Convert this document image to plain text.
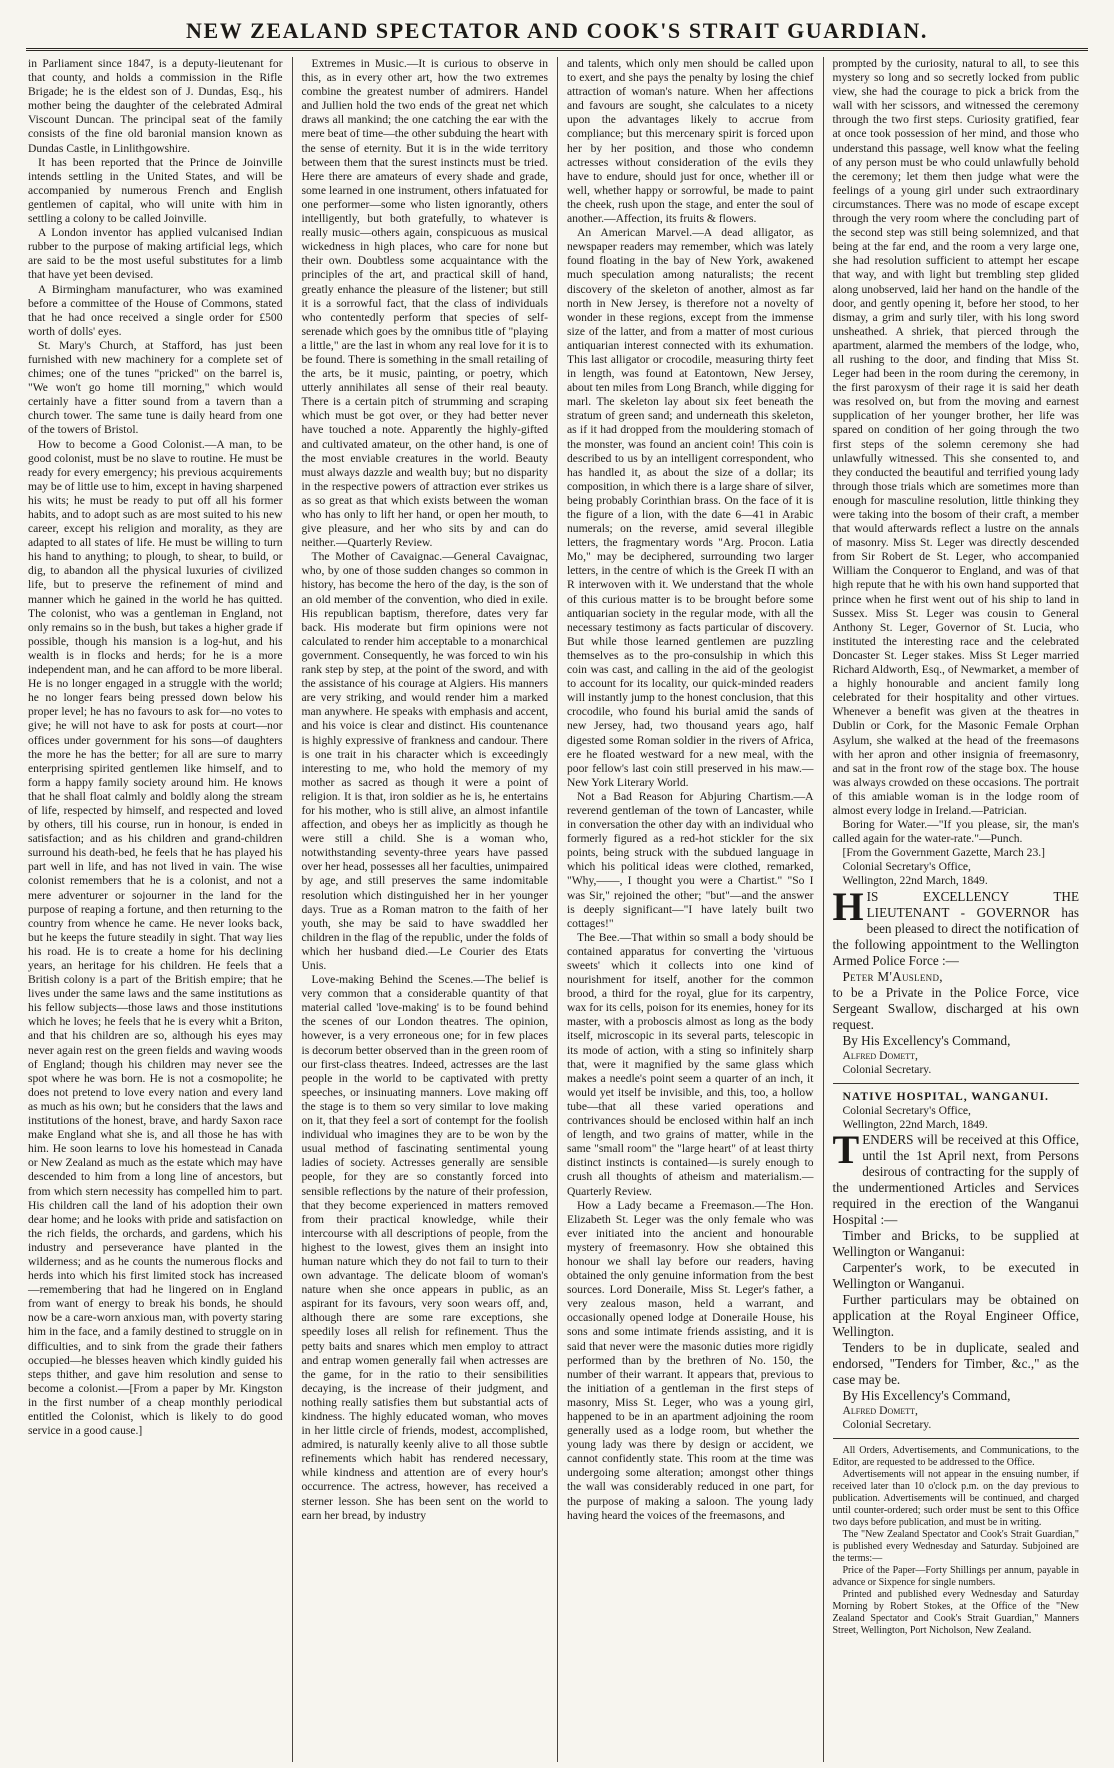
NEW ZEALAND SPECTATOR AND COOK'S STRAIT GUARDIAN.

in Parliament since 1847, is a deputy-lieutenant for that county, and holds a commission in the Rifle Brigade; he is the eldest son of J. Dundas, Esq., his mother being the daughter of the celebrated Admiral Viscount Duncan. The principal seat of the family consists of the fine old baronial mansion known as Dundas Castle, in Linlithgowshire.

It has been reported that the Prince de Joinville intends settling in the United States, and will be accompanied by numerous French and English gentlemen of capital, who will unite with him in settling a colony to be called Joinville.

A London inventor has applied vulcanised Indian rubber to the purpose of making artificial legs, which are said to be the most useful substitutes for a limb that have yet been devised.

A Birmingham manufacturer, who was examined before a committee of the House of Commons, stated that he had once received a single order for £500 worth of dolls' eyes.

St. Mary's Church, at Stafford, has just been furnished with new machinery for a complete set of chimes; one of the tunes "pricked" on the barrel is, "We won't go home till morning," which would certainly have a fitter sound from a tavern than a church tower. The same tune is daily heard from one of the towers of Bristol.

How to become a Good Colonist.—A man, to be good colonist, must be no slave to routine. He must be ready for every emergency; his previous acquirements may be of little use to him, except in having sharpened his wits; he must be ready to put off all his former habits, and to adopt such as are most suited to his new career, except his religion and morality, as they are adapted to all states of life. He must be willing to turn his hand to anything; to plough, to shear, to build, or dig, to abandon all the physical luxuries of civilized life, but to preserve the refinement of mind and manner which he gained in the world he has quitted. The colonist, who was a gentleman in England, not only remains so in the bush, but takes a higher grade if possible, though his mansion is a log-hut, and his wealth is in flocks and herds; for he is a more independent man, and he can afford to be more liberal. He is no longer engaged in a struggle with the world; he no longer fears being pressed down below his proper level; he has no favours to ask for—no votes to give; he will not have to ask for posts at court—nor offices under government for his sons—of daughters the more he has the better; for all are sure to marry enterprising spirited gentlemen like himself, and to form a happy family society around him. He knows that he shall float calmly and boldly along the stream of life, respected by himself, and respected and loved by others, till his course, run in honour, is ended in satisfaction; and as his children and grand-children surround his death-bed, he feels that he has played his part well in life, and has not lived in vain. The wise colonist remembers that he is a colonist, and not a mere adventurer or sojourner in the land for the purpose of reaping a fortune, and then returning to the country from whence he came. He never looks back, but he keeps the future steadily in sight. That way lies his road. He is to create a home for his declining years, an heritage for his children. He feels that a British colony is a part of the British empire; that he lives under the same laws and the same institutions as his fellow subjects—those laws and those institutions which he loves; he feels that he is every whit a Briton, and that his children are so, although his eyes may never again rest on the green fields and waving woods of England; though his children may never see the spot where he was born. He is not a cosmopolite; he does not pretend to love every nation and every land as much as his own; but he considers that the laws and institutions of the honest, brave, and hardy Saxon race make England what she is, and all those he has with him. He soon learns to love his homestead in Canada or New Zealand as much as the estate which may have descended to him from a long line of ancestors, but from which stern necessity has compelled him to part. His children call the land of his adoption their own dear home; and he looks with pride and satisfaction on the rich fields, the orchards, and gardens, which his industry and perseverance have planted in the wilderness; and as he counts the numerous flocks and herds into which his first limited stock has increased—remembering that had he lingered on in England from want of energy to break his bonds, he should now be a care-worn anxious man, with poverty staring him in the face, and a family destined to struggle on in difficulties, and to sink from the grade their fathers occupied—he blesses heaven which kindly guided his steps thither, and gave him resolution and sense to become a colonist.—[From a paper by Mr. Kingston in the first number of a cheap monthly periodical entitled the Colonist, which is likely to do good service in a good cause.]

Extremes in Music.—It is curious to observe in this, as in every other art, how the two extremes combine the greatest number of admirers. Handel and Jullien hold the two ends of the great net which draws all mankind; the one catching the ear with the mere beat of time—the other subduing the heart with the sense of eternity. But it is in the wide territory between them that the surest instincts must be tried. Here there are amateurs of every shade and grade, some learned in one instrument, others infatuated for one performer—some who listen ignorantly, others intelligently, but both gratefully, to whatever is really music—others again, conspicuous as musical wickedness in high places, who care for none but their own. Doubtless some acquaintance with the principles of the art, and practical skill of hand, greatly enhance the pleasure of the listener; but still it is a sorrowful fact, that the class of individuals who contentedly perform that species of self-serenade which goes by the omnibus title of "playing a little," are the last in whom any real love for it is to be found. There is something in the small retailing of the arts, be it music, painting, or poetry, which utterly annihilates all sense of their real beauty. There is a certain pitch of strumming and scraping which must be got over, or they had better never have touched a note. Apparently the highly-gifted and cultivated amateur, on the other hand, is one of the most enviable creatures in the world. Beauty must always dazzle and wealth buy; but no disparity in the respective powers of attraction ever strikes us as so great as that which exists between the woman who has only to lift her hand, or open her mouth, to give pleasure, and her who sits by and can do neither.—Quarterly Review.

The Mother of Cavaignac.—General Cavaignac, who, by one of those sudden changes so common in history, has become the hero of the day, is the son of an old member of the convention, who died in exile. His republican baptism, therefore, dates very far back. His moderate but firm opinions were not calculated to render him acceptable to a monarchical government. Consequently, he was forced to win his rank step by step, at the point of the sword, and with the assistance of his courage at Algiers. His manners are very striking, and would render him a marked man anywhere. He speaks with emphasis and accent, and his voice is clear and distinct. His countenance is highly expressive of frankness and candour. There is one trait in his character which is exceedingly interesting to me, who hold the memory of my mother as sacred as though it were a point of religion. It is that, iron soldier as he is, he entertains for his mother, who is still alive, an almost infantile affection, and obeys her as implicitly as though he were still a child. She is a woman who, notwithstanding seventy-three years have passed over her head, possesses all her faculties, unimpaired by age, and still preserves the same indomitable resolution which distinguished her in her younger days. True as a Roman matron to the faith of her youth, she may be said to have swaddled her children in the flag of the republic, under the folds of which her husband died.—Le Courier des Etats Unis.

Love-making Behind the Scenes.—The belief is very common that a considerable quantity of that material called 'love-making' is to be found behind the scenes of our London theatres. The opinion, however, is a very erroneous one; for in few places is decorum better observed than in the green room of our first-class theatres. Indeed, actresses are the last people in the world to be captivated with pretty speeches, or insinuating manners. Love making off the stage is to them so very similar to love making on it, that they feel a sort of contempt for the foolish individual who imagines they are to be won by the usual method of fascinating sentimental young ladies of society. Actresses generally are sensible people, for they are so constantly forced into sensible reflections by the nature of their profession, that they become experienced in matters removed from their practical knowledge, while their intercourse with all descriptions of people, from the highest to the lowest, gives them an insight into human nature which they do not fail to turn to their own advantage. The delicate bloom of woman's nature when she once appears in public, as an aspirant for its favours, very soon wears off, and, although there are some rare exceptions, she speedily loses all relish for refinement. Thus the petty baits and snares which men employ to attract and entrap women generally fail when actresses are the game, for in the ratio to their sensibilities decaying, is the increase of their judgment, and nothing really satisfies them but substantial acts of kindness. The highly educated woman, who moves in her little circle of friends, modest, accomplished, admired, is naturally keenly alive to all those subtle refinements which habit has rendered necessary, while kindness and attention are of every hour's occurrence. The actress, however, has received a sterner lesson. She has been sent on the world to earn her bread, by industry

and talents, which only men should be called upon to exert, and she pays the penalty by losing the chief attraction of woman's nature. When her affections and favours are sought, she calculates to a nicety upon the advantages likely to accrue from compliance; but this mercenary spirit is forced upon her by her position, and those who condemn actresses without consideration of the evils they have to endure, should just for once, whether ill or well, whether happy or sorrowful, be made to paint the cheek, rush upon the stage, and enter the soul of another.—Affection, its fruits & flowers.

An American Marvel.—A dead alligator, as newspaper readers may remember, which was lately found floating in the bay of New York, awakened much speculation among naturalists; the recent discovery of the skeleton of another, almost as far north in New Jersey, is therefore not a novelty of wonder in these regions, except from the immense size of the latter, and from a matter of most curious antiquarian interest connected with its exhumation. This last alligator or crocodile, measuring thirty feet in length, was found at Eatontown, New Jersey, about ten miles from Long Branch, while digging for marl. The skeleton lay about six feet beneath the stratum of green sand; and underneath this skeleton, as if it had dropped from the mouldering stomach of the monster, was found an ancient coin! This coin is described to us by an intelligent correspondent, who has handled it, as about the size of a dollar; its composition, in which there is a large share of silver, being probably Corinthian brass. On the face of it is the figure of a lion, with the date 6—41 in Arabic numerals; on the reverse, amid several illegible letters, the fragmentary words "Arg. Procon. Latia Mo," may be deciphered, surrounding two larger letters, in the centre of which is the Greek Π with an R interwoven with it. We understand that the whole of this curious matter is to be brought before some antiquarian society in the regular mode, with all the necessary testimony as facts particular of discovery. But while those learned gentlemen are puzzling themselves as to the pro-consulship in which this coin was cast, and calling in the aid of the geologist to account for its locality, our quick-minded readers will instantly jump to the honest conclusion, that this crocodile, who found his burial amid the sands of new Jersey, had, two thousand years ago, half digested some Roman soldier in the rivers of Africa, ere he floated westward for a new meal, with the poor fellow's last coin still preserved in his maw.—New York Literary World.

Not a Bad Reason for Abjuring Chartism.—A reverend gentleman of the town of Lancaster, while in conversation the other day with an individual who formerly figured as a red-hot stickler for the six points, being struck with the subdued language in which his political ideas were clothed, remarked, "Why,——, I thought you were a Chartist." "So I was Sir," rejoined the other; "but"—and the answer is deeply significant—"I have lately built two cottages!"

The Bee.—That within so small a body should be contained apparatus for converting the 'virtuous sweets' which it collects into one kind of nourishment for itself, another for the common brood, a third for the royal, glue for its carpentry, wax for its cells, poison for its enemies, honey for its master, with a proboscis almost as long as the body itself, microscopic in its several parts, telescopic in its mode of action, with a sting so infinitely sharp that, were it magnified by the same glass which makes a needle's point seem a quarter of an inch, it would yet itself be invisible, and this, too, a hollow tube—that all these varied operations and contrivances should be enclosed within half an inch of length, and two grains of matter, while in the same "small room" the "large heart" of at least thirty distinct instincts is contained—is surely enough to crush all thoughts of atheism and materialism.—Quarterly Review.

How a Lady became a Freemason.—The Hon. Elizabeth St. Leger was the only female who was ever initiated into the ancient and honourable mystery of freemasonry. How she obtained this honour we shall lay before our readers, having obtained the only genuine information from the best sources. Lord Doneraile, Miss St. Leger's father, a very zealous mason, held a warrant, and occasionally opened lodge at Doneraile House, his sons and some intimate friends assisting, and it is said that never were the masonic duties more rigidly performed than by the brethren of No. 150, the number of their warrant. It appears that, previous to the initiation of a gentleman in the first steps of masonry, Miss St. Leger, who was a young girl, happened to be in an apartment adjoining the room generally used as a lodge room, but whether the young lady was there by design or accident, we cannot confidently state. This room at the time was undergoing some alteration; amongst other things the wall was considerably reduced in one part, for the purpose of making a saloon. The young lady having heard the voices of the freemasons, and

prompted by the curiosity, natural to all, to see this mystery so long and so secretly locked from public view, she had the courage to pick a brick from the wall with her scissors, and witnessed the ceremony through the two first steps. Curiosity gratified, fear at once took possession of her mind, and those who understand this passage, well know what the feeling of any person must be who could unlawfully behold the ceremony; let them then judge what were the feelings of a young girl under such extraordinary circumstances. There was no mode of escape except through the very room where the concluding part of the second step was still being solemnized, and that being at the far end, and the room a very large one, she had resolution sufficient to attempt her escape that way, and with light but trembling step glided along unobserved, laid her hand on the handle of the door, and gently opening it, before her stood, to her dismay, a grim and surly tiler, with his long sword unsheathed. A shriek, that pierced through the apartment, alarmed the members of the lodge, who, all rushing to the door, and finding that Miss St. Leger had been in the room during the ceremony, in the first paroxysm of their rage it is said her death was resolved on, but from the moving and earnest supplication of her younger brother, her life was spared on condition of her going through the two first steps of the solemn ceremony she had unlawfully witnessed. This she consented to, and they conducted the beautiful and terrified young lady through those trials which are sometimes more than enough for masculine resolution, little thinking they were taking into the bosom of their craft, a member that would afterwards reflect a lustre on the annals of masonry. Miss St. Leger was directly descended from Sir Robert de St. Leger, who accompanied William the Conqueror to England, and was of that high repute that he with his own hand supported that prince when he first went out of his ship to land in Sussex. Miss St. Leger was cousin to General Anthony St. Leger, Governor of St. Lucia, who instituted the interesting race and the celebrated Doncaster St. Leger stakes. Miss St Leger married Richard Aldworth, Esq., of Newmarket, a member of a highly honourable and ancient family long celebrated for their hospitality and other virtues. Whenever a benefit was given at the theatres in Dublin or Cork, for the Masonic Female Orphan Asylum, she walked at the head of the freemasons with her apron and other insignia of freemasonry, and sat in the front row of the stage box. The house was always crowded on these occasions. The portrait of this amiable woman is in the lodge room of almost every lodge in Ireland.—Patrician.

Boring for Water.—"If you please, sir, the man's called again for the water-rate."—Punch.

[From the Government Gazette, March 23.]

Colonial Secretary's Office,

Wellington, 22nd March, 1849.

HIS EXCELLENCY THE LIEUTENANT - GOVERNOR has been pleased to direct the notification of the following appointment to the Wellington Armed Police Force :—

Peter M'Auslend,

to be a Private in the Police Force, vice Sergeant Swallow, discharged at his own request.

By His Excellency's Command,

Alfred Domett,

Colonial Secretary.

NATIVE HOSPITAL, WANGANUI.

Colonial Secretary's Office,

Wellington, 22nd March, 1849.

TENDERS will be received at this Office, until the 1st April next, from Persons desirous of contracting for the supply of the undermentioned Articles and Services required in the erection of the Wanganui Hospital :—

Timber and Bricks, to be supplied at Wellington or Wanganui:

Carpenter's work, to be executed in Wellington or Wanganui.

Further particulars may be obtained on application at the Royal Engineer Office, Wellington.

Tenders to be in duplicate, sealed and endorsed, "Tenders for Timber, &c.," as the case may be.

By His Excellency's Command,

Alfred Domett,

Colonial Secretary.

All Orders, Advertisements, and Communications, to the Editor, are requested to be addressed to the Office.

Advertisements will not appear in the ensuing number, if received later than 10 o'clock p.m. on the day previous to publication. Advertisements will be continued, and charged until counter-ordered; such order must be sent to this Office two days before publication, and must be in writing.

The "New Zealand Spectator and Cook's Strait Guardian," is published every Wednesday and Saturday. Subjoined are the terms:—

Price of the Paper—Forty Shillings per annum, payable in advance or Sixpence for single numbers.

Printed and published every Wednesday and Saturday Morning by Robert Stokes, at the Office of the "New Zealand Spectator and Cook's Strait Guardian," Manners Street, Wellington, Port Nicholson, New Zealand.
